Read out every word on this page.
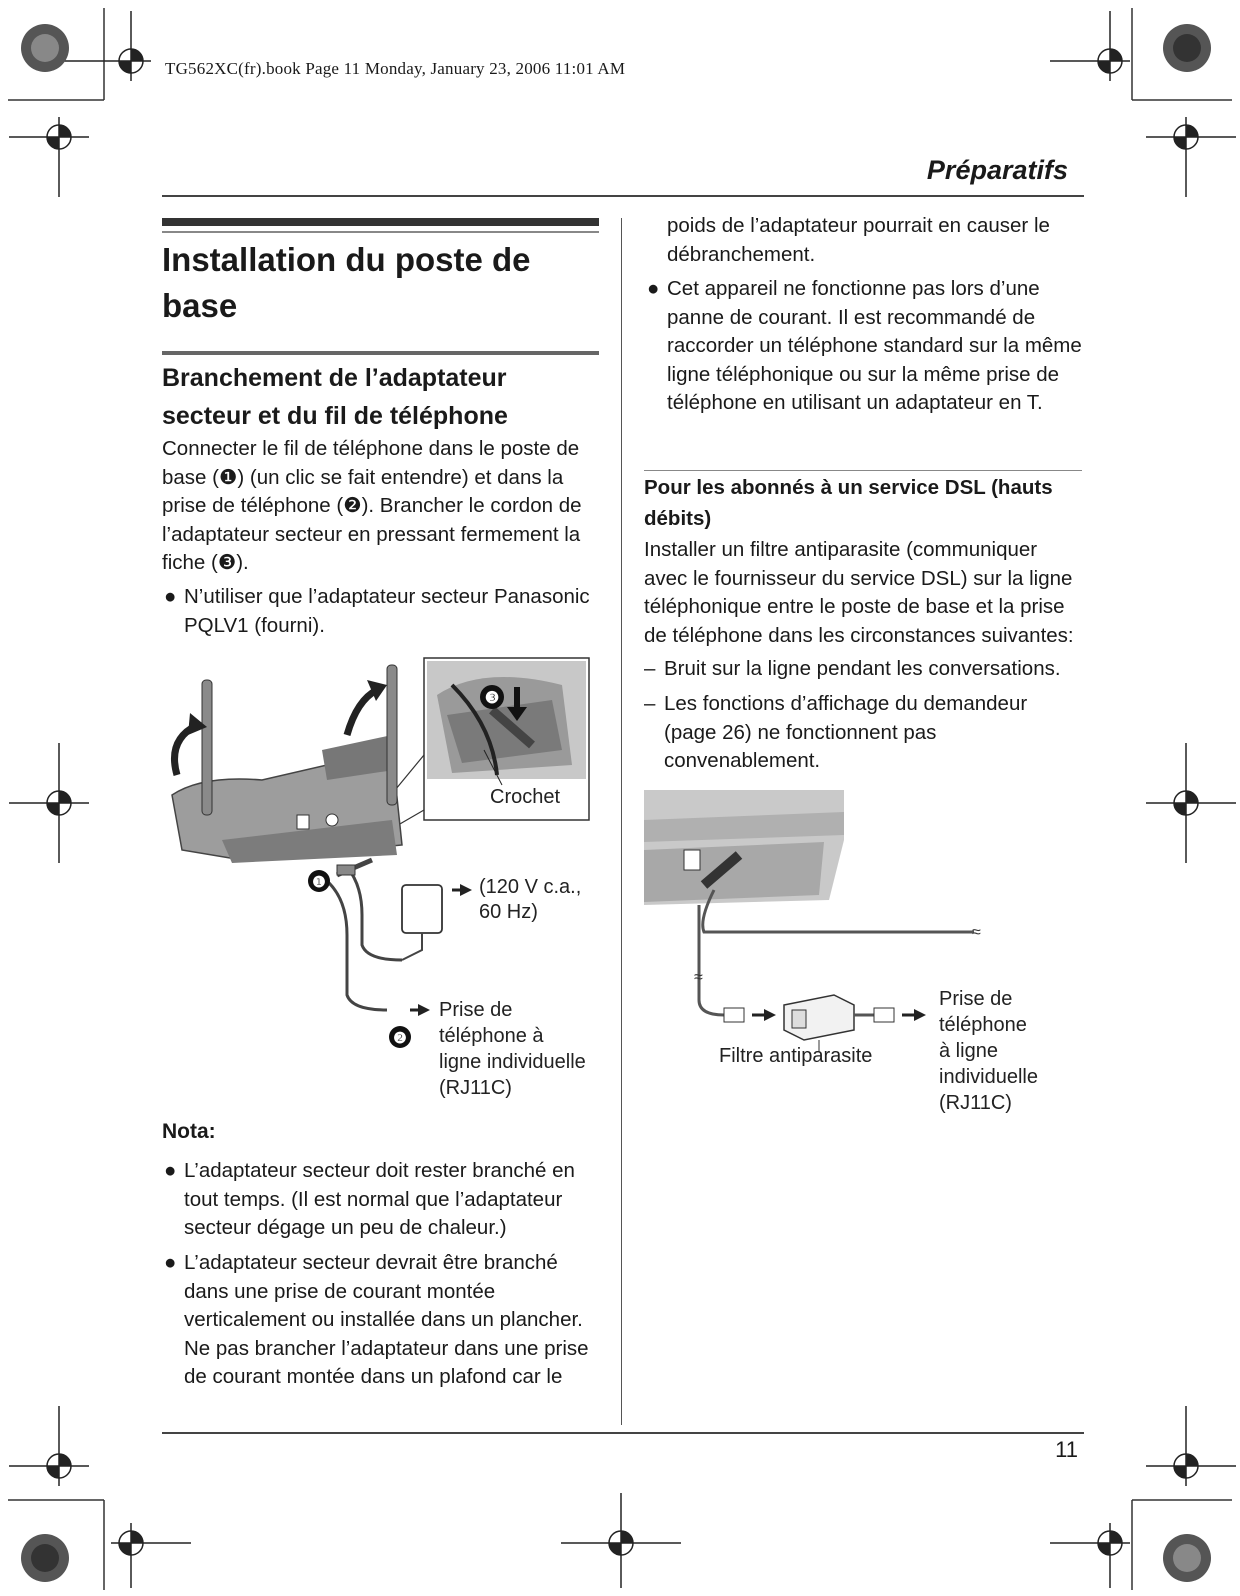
TG562XC(fr).book Page 11 Monday, January 23, 2006 11:01 AM
Préparatifs
Installation du poste de base
Branchement de l’adaptateur secteur et du fil de téléphone
Connecter le fil de téléphone dans le poste de base (❶) (un clic se fait entendre) et dans la prise de téléphone (❷). Brancher le cordon de l’adaptateur secteur en pressant fermement la fiche (❸).
● N’utiliser que l’adaptateur secteur Panasonic PQLV1 (fourni).
❸
Crochet
(120 V c.a.,
60 Hz)
❶
❷
Prise de
téléphone à
ligne individuelle
(RJ11C)
Nota:
● L’adaptateur secteur doit rester branché en tout temps. (Il est normal que l’adaptateur secteur dégage un peu de chaleur.)
● L’adaptateur secteur devrait être branché dans une prise de courant montée verticalement ou installée dans un plancher. Ne pas brancher l’adaptateur dans une prise de courant montée dans un plafond car le
poids de l’adaptateur pourrait en causer le débranchement.
● Cet appareil ne fonctionne pas lors d’une panne de courant. Il est recommandé de raccorder un téléphone standard sur la même ligne téléphonique ou sur la même prise de téléphone en utilisant un adaptateur en T.
Pour les abonnés à un service DSL (hauts débits)
Installer un filtre antiparasite (communiquer avec le fournisseur du service DSL) sur la ligne téléphonique entre le poste de base et la prise de téléphone dans les circonstances suivantes:
– Bruit sur la ligne pendant les conversations.
– Les fonctions d’affichage du demandeur (page 26) ne fonctionnent pas convenablement.
≈
≈
Filtre antiparasite
Prise de
téléphone
à ligne
individuelle
(RJ11C)
11
